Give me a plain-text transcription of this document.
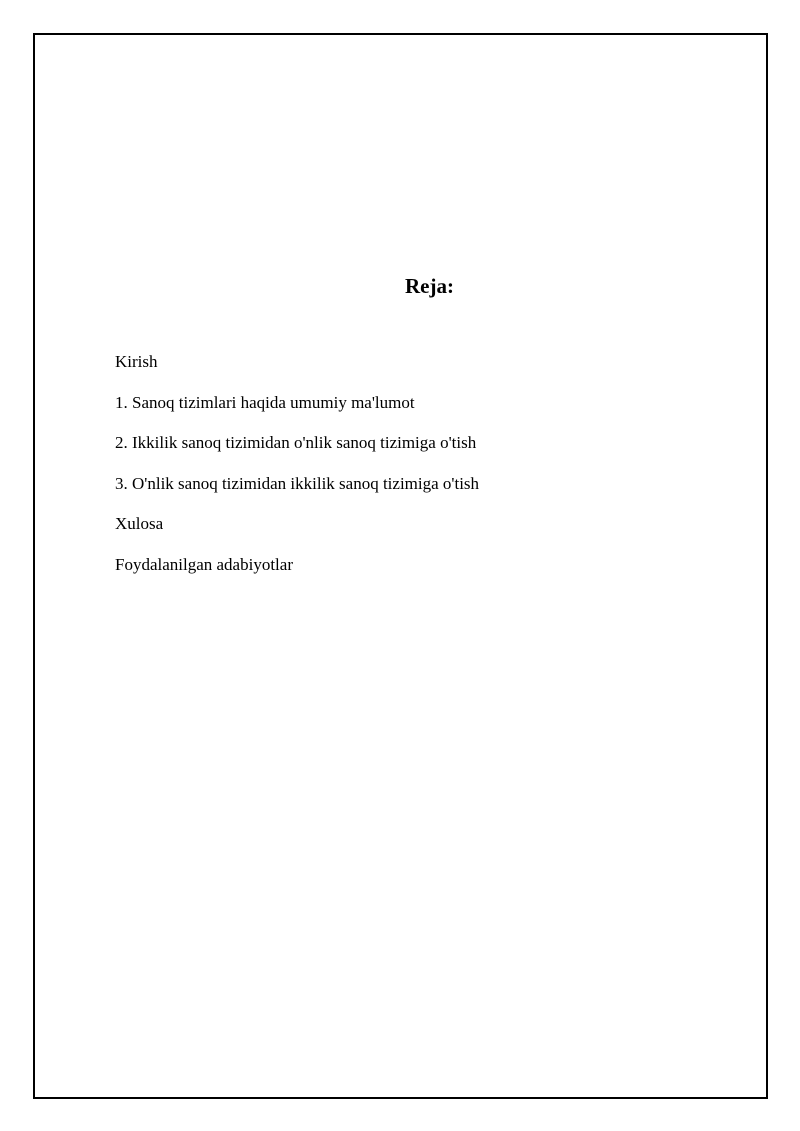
Reja:
Kirish
1. Sanoq tizimlari haqida umumiy ma'lumot
2. Ikkilik sanoq tizimidan o'nlik sanoq tizimiga o'tish
3. O'nlik sanoq tizimidan ikkilik sanoq tizimiga o'tish
Xulosa
Foydalanilgan adabiyotlar
